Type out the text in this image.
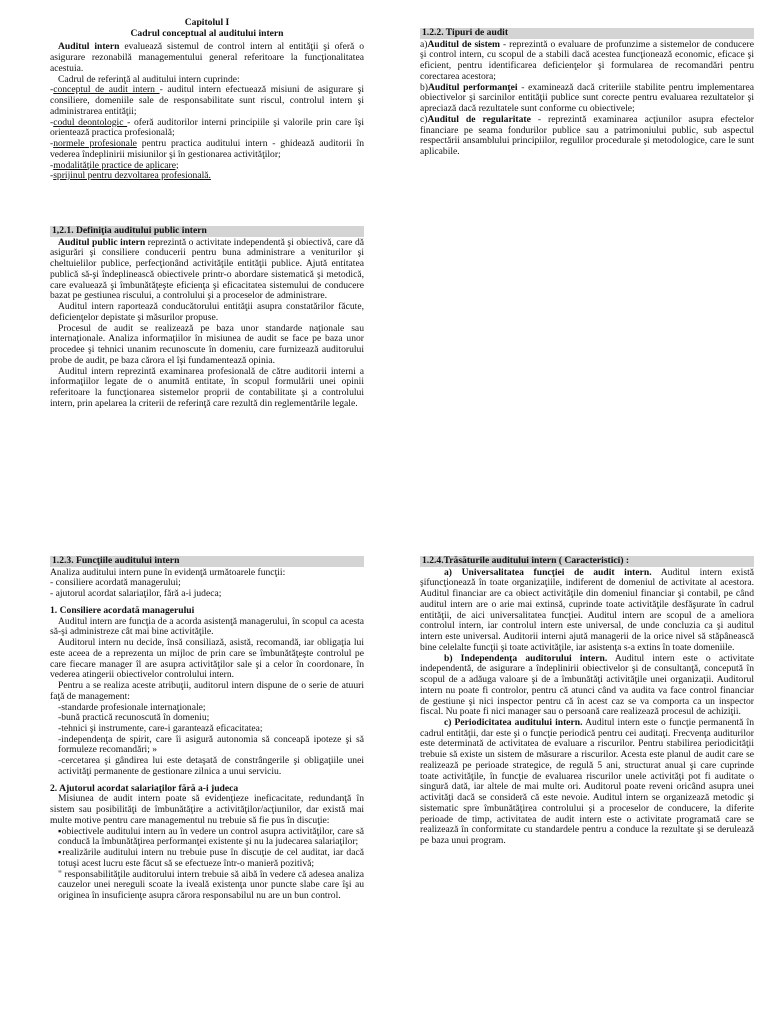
Capitolul I
Cadrul conceptual al auditului intern

Auditul intern evaluează sistemul de control intern al entităţii şi oferă o asigurare rezonabilă managementului general referitoare la funcţionalitatea acestuia.

Cadrul de referinţă al auditului intern cuprinde:

-conceptul de audit intern - auditul intern efectuează misiuni de asigurare şi consiliere, domeniile sale de responsabilitate sunt riscul, controlul intern şi administrarea entităţii;

-codul deontologic - oferă auditorilor interni principiile şi valorile prin care îşi orientează practica profesională;

-normele profesionale pentru practica auditului intern - ghidează auditorii în vederea îndeplinirii misiunilor şi în gestionarea activităţilor;

-modalităţile practice de aplicare;

-sprijinul pentru dezvoltarea profesională.

1,2.1. Definiţia auditului public intern

Auditul public intern reprezintă o activitate independentă şi obiectivă, care dă asigurări şi consiliere conducerii pentru buna administrare a veniturilor şi cheltuielilor publice, perfecţionând activităţile entităţii publice. Ajută entitatea publică să-şi îndeplinească obiectivele printr-o abordare sistematică şi metodică, care evaluează şi îmbunătăţeşte eficienţa şi eficacitatea sistemului de conducere bazat pe gestiunea riscului, a controlului şi a proceselor de administrare.

Auditul intern raportează conducătorului entităţii asupra constatărilor făcute, deficienţelor depistate şi măsurilor propuse.

Procesul de audit se realizează pe baza unor standarde naţionale sau internaţionale. Analiza informaţiilor în misiunea de audit se face pe baza unor procedee şi tehnici unanim recunoscute în domeniu, care furnizează auditorului probe de audit, pe baza cărora el îşi fundamentează opinia.

Auditul intern reprezintă examinarea profesională de către auditorii interni a informaţiilor legate de o anumită entitate, în scopul formulării unei opinii referitoare la funcţionarea sistemelor proprii de contabilitate şi a controlului intern, prin apelarea la criterii de referinţă care rezultă din reglementările legale.

1.2.2. Tipuri de audit

a)Auditul de sistem - reprezintă o evaluare de profunzime a sistemelor de conducere şi control intern, cu scopul de a stabili dacă acestea funcţionează economic, eficace şi eficient, pentru identificarea deficienţelor şi formularea de recomandări pentru corectarea acestora;

b)Auditul performanţei - examinează dacă criteriile stabilite pentru implementarea obiectivelor şi sarcinilor entităţii publice sunt corecte pentru evaluarea rezultatelor şi apreciază dacă rezultatele sunt conforme cu obiectivele;

c)Auditul de regularitate - reprezintă examinarea acţiunilor asupra efectelor financiare pe seama fondurilor publice sau a patrimoniului public, sub aspectul respectării ansamblului principiilor, regulilor procedurale şi metodologice, care le sunt aplicabile.

1.2.3. Funcţiile auditului intern

Analiza auditului intern pune în evidenţă următoarele funcţii:

- consiliere acordată managerului;

- ajutorul acordat salariaţilor, fără a-i judeca;

1. Consiliere acordată managerului

Auditul intern are funcţia de a acorda asistenţă managerului, în scopul ca acesta să-şi administreze cât mai bine activităţile.

Auditorul intern nu decide, însă consiliază, asistă, recomandă, iar obligaţia lui este aceea de a reprezenta un mijloc de prin care se îmbunătăţeşte controlul pe care fiecare manager îl are asupra activităţilor sale şi a celor în coordonare, în vederea atingerii obiectivelor controlului intern.

Pentru a se realiza aceste atribuţii, auditorul intern dispune de o serie de atuuri faţă de management:

-standarde profesionale internaţionale;

-bună practică recunoscută în domeniu;

-tehnici şi instrumente, care-i garantează eficacitatea;

-independenţa de spirit, care îi asigură autonomia să conceapă ipoteze şi să formuleze recomandări; »

-cercetarea şi gândirea lui este detaşată de constrângerile şi obligaţiile unei activităţi permanente de gestionare zilnica a unui serviciu.

2. Ajutorul acordat salariaţilor fără a-i judeca

Misiunea de audit intern poate să evidenţieze ineficacitate, redundanţă în sistem sau posibilităţi de îmbunătăţire a activităţilor/acţiunilor, dar există mai multe motive pentru care managementul nu trebuie să fie pus în discuţie:

▪obiectivele auditului intern au în vedere un control asupra activităţilor, care să conducă la îmbunătăţirea performanţei existente şi nu la judecarea salariaţilor;

▪realizările auditului intern nu trebuie puse în discuţie de cel auditat, iar dacă totuşi acest lucru este făcut să se efectueze într-o manieră pozitivă;

" responsabilităţile auditorului intern trebuie să aibă în vedere că adesea analiza cauzelor unei nereguli scoate la iveală existenţa unor puncte slabe care îşi au originea în insuficienţe asupra cărora responsabilul nu are un bun control.

1.2.4.Trăsăturile auditului intern ( Caracteristici) :

a) Universalitatea funcţiei de audit intern. Auditul intern există şifuncţionează în toate organizaţiile, indiferent de domeniul de activitate al acestora. Auditul financiar are ca obiect activităţile din domeniul financiar şi contabil, pe când auditul intern are o arie mai extinsă, cuprinde toate activităţile desfăşurate în cadrul entităţii, de aici universalitatea funcţiei. Auditul intern are scopul de a ameliora controlul intern, iar controlul intern este universal, de unde concluzia ca şi auditul intern este universal. Auditorii interni ajută managerii de la orice nivel să stăpânească bine celelalte funcţii şi toate activităţile, iar asistenţa s-a extins în toate domeniile.

b) Independenţa auditorului intern. Auditul intern este o activitate independentă, de asigurare a îndeplinirii obiectivelor şi de consultanţă, concepută în scopul de a adăuga valoare şi de a îmbunătăţi activităţile unei organizaţii. Auditorul intern nu poate fi controlor, pentru că atunci când va audita va face control financiar de gestiune şi nici inspector pentru că în acest caz se va comporta ca un inspector fiscal. Nu poate fi nici manager sau o persoană care realizează procesul de achiziţii.

c) Periodicitatea auditului intern. Auditul intern este o funcţie permanentă în cadrul entităţii, dar este şi o funcţie periodică pentru cei auditaţi. Frecvenţa auditurilor este determinată de activitatea de evaluare a riscurilor. Pentru stabilirea periodicităţii trebuie să existe un sistem de măsurare a riscurilor. Acesta este planul de audit care se realizează pe perioade strategice, de regulă 5 ani, structurat anual şi care cuprinde toate activităţile, în funcţie de evaluarea riscurilor unele activităţi pot fi auditate o singură dată, iar altele de mai multe ori. Auditorul poate reveni oricând asupra unei activităţi dacă se consideră că este nevoie. Auditul intern se organizează metodic şi sistematic spre îmbunătăţirea controlului şi a proceselor de conducere, la diferite perioade de timp, activitatea de audit intern este o activitate programată care se realizează în conformitate cu standardele pentru a conduce la rezultate şi se derulează pe baza unui program.
